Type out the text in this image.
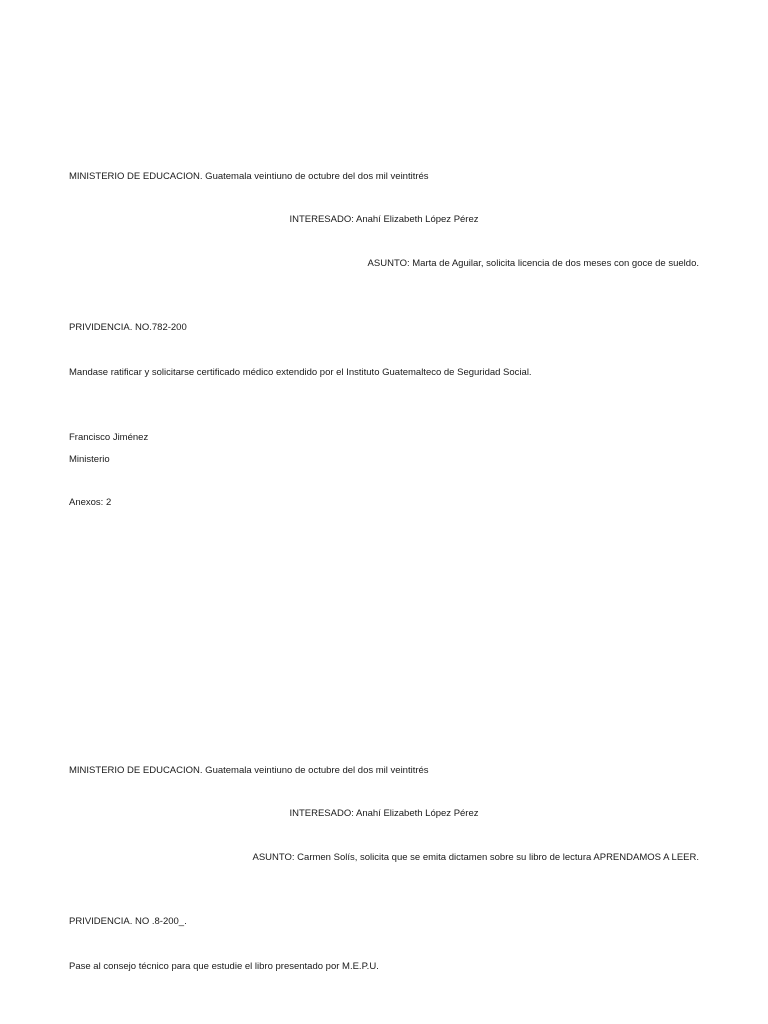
MINISTERIO DE EDUCACION. Guatemala veintiuno de octubre del dos mil veintitrés
INTERESADO: Anahí Elizabeth López Pérez
ASUNTO: Marta de Aguilar, solicita licencia de dos meses con goce de sueldo.
PRIVIDENCIA. NO.782-200
Mandase ratificar y solicitarse certificado médico extendido por el Instituto Guatemalteco de Seguridad Social.
Francisco Jiménez
Ministerio
Anexos: 2
MINISTERIO DE EDUCACION. Guatemala veintiuno de octubre del dos mil veintitrés
INTERESADO: Anahí Elizabeth López Pérez
ASUNTO: Carmen Solís, solicita que se emita dictamen sobre su libro de lectura APRENDAMOS A LEER.
PRIVIDENCIA. NO .8-200_.
Pase al consejo técnico para que estudie el libro presentado por M.E.P.U.
